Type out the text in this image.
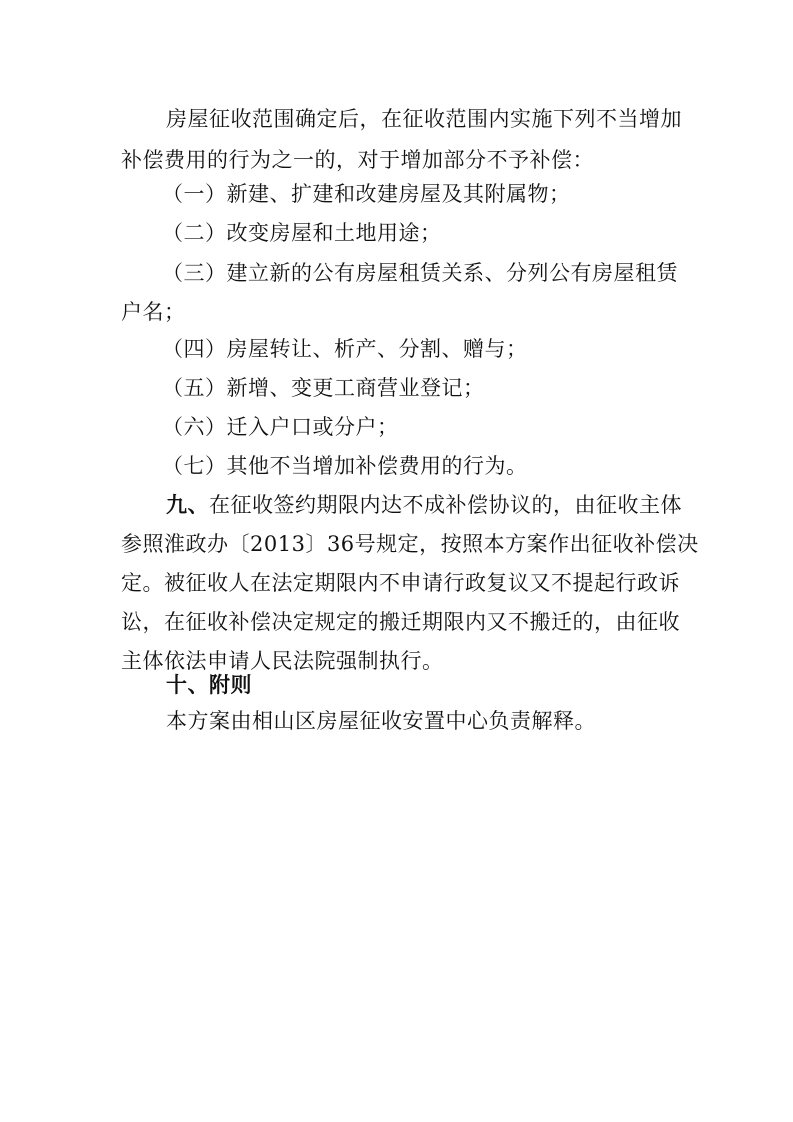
房屋征收范围确定后，在征收范围内实施下列不当增加
补偿费用的行为之一的，对于增加部分不予补偿：
（一）新建、扩建和改建房屋及其附属物；
（二）改变房屋和土地用途；
（三）建立新的公有房屋租赁关系、分列公有房屋租赁
户名；
（四）房屋转让、析产、分割、赠与；
（五）新增、变更工商营业登记；
（六）迁入户口或分户；
（七）其他不当增加补偿费用的行为。
九、在征收签约期限内达不成补偿协议的，由征收主体
参照淮政办〔2013〕36号规定，按照本方案作出征收补偿决
定。被征收人在法定期限内不申请行政复议又不提起行政诉
讼，在征收补偿决定规定的搬迁期限内又不搬迁的，由征收
主体依法申请人民法院强制执行。
十、附则
本方案由相山区房屋征收安置中心负责解释。
